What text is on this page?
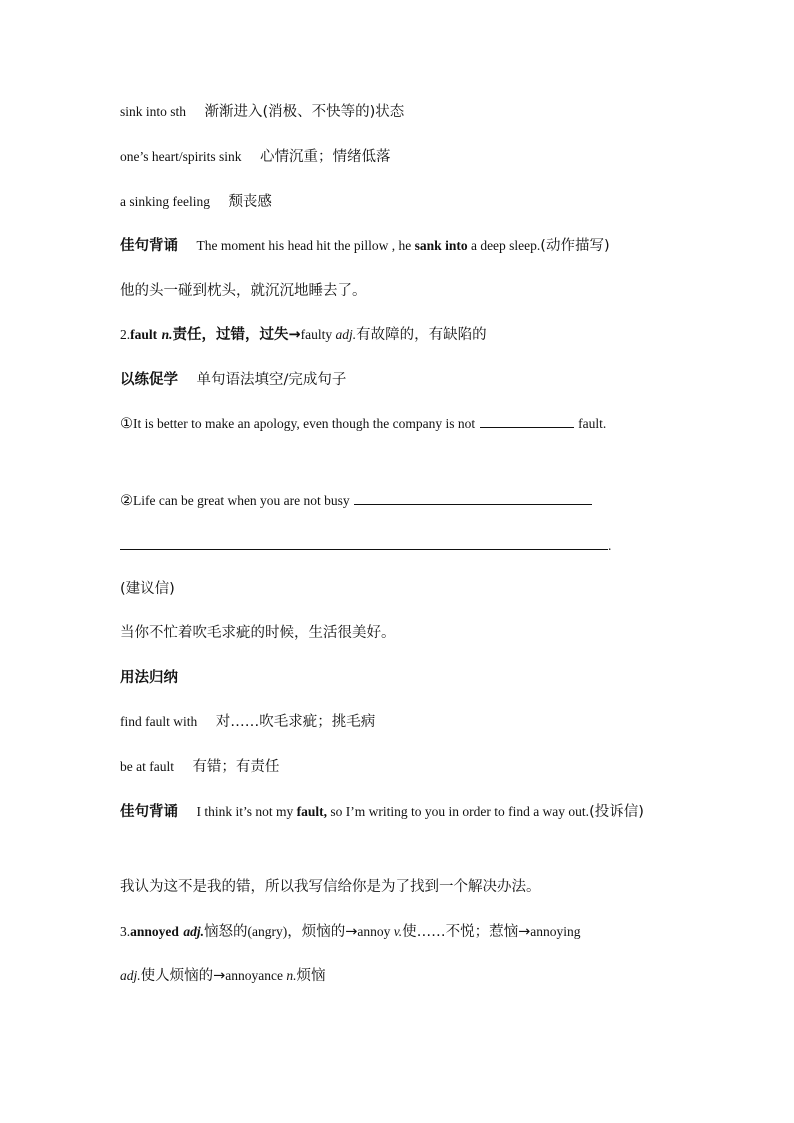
sink into sth 渐渐进入(消极、不快等的)状态
one’s heart/spirits sink 心情沉重；情绪低落
a sinking feeling 颓丧感
佳句背诵 The moment his head hit the pillow , he sank into a deep sleep.(动作描写)
他的头一碰到枕头，就沉沉地睡去了。
2.fault n.责任，过错，过失→faulty adj.有故障的，有缺陷的
以练促学 单句语法填空/完成句子
①It is better to make an apology, even though the company is not	fault.
②Life can be great when you are not busy
.
(建议信)
当你不忙着吹毛求疵的时候，生活很美好。
用法归纳
find fault with 对……吹毛求疵；挑毛病
be at fault 有错；有责任
佳句背诵 I think it’s not my fault, so I’m writing to you in order to find a way out.(投诉信)
我认为这不是我的错，所以我写信给你是为了找到一个解决办法。
3.annoyed adj.恼怒的(angry)，烦恼的→annoy v.使……不悦；惹恼→annoying
adj.使人烦恼的→annoyance n.烦恼
